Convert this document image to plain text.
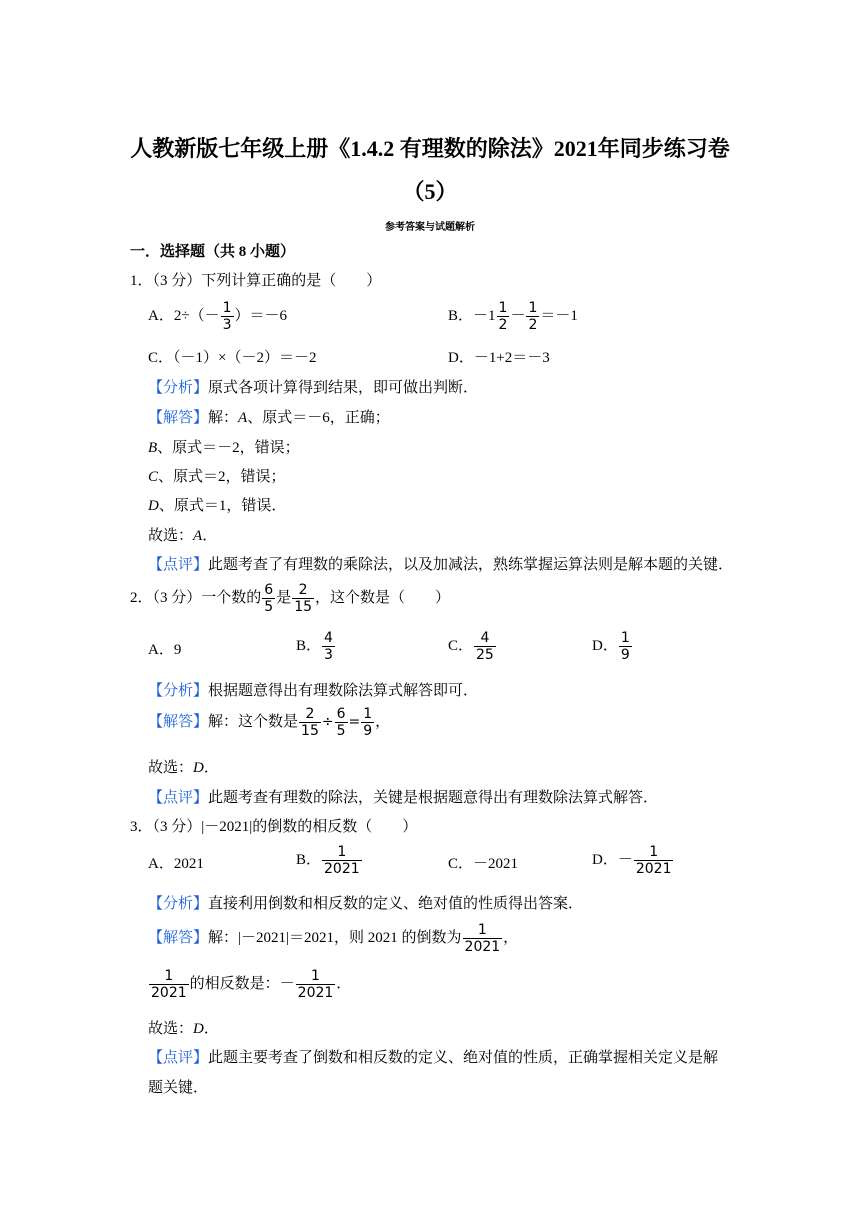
人教新版七年级上册《1.4.2 有理数的除法》2021年同步练习卷
（5）
参考答案与试题解析
一．选择题（共 8 小题）
1．（3 分）下列计算正确的是（　　）
A．$2\div(- \frac{1}{3} )=-6$	B．$-1 \frac{1}{2} - \frac{1}{2} =-1$
C．（－1）×（－2）＝－2	D．－1+2＝－3
【分析】原式各项计算得到结果，即可做出判断．
【解答】解：A、原式＝－6，正确；
B、原式＝－2，错误；
C、原式＝2，错误；
D、原式＝1，错误．
故选：A．
【点评】此题考查了有理数的乘除法，以及加减法，熟练掌握运算法则是解本题的关键．
2．（3 分）一个数的 $\frac{6}{5}$ 是 $\frac{2}{15}$ ，这个数是（　　）
A．9	B． $\frac{4}{3}$	C． $\frac{4}{25}$	D． $\frac{1}{9}$
【分析】根据题意得出有理数除法算式解答即可．
【解答】解：这个数是 $\frac{2}{15} \div \frac{6}{5} = \frac{1}{9}$ ，
故选：D．
【点评】此题考查有理数的除法，关键是根据题意得出有理数除法算式解答．
3．（3 分）|－2021|的倒数的相反数（　　）
A．2021	B． $\frac{1}{2021}$	C．－2021	D．－ $\frac{1}{2021}$
【分析】直接利用倒数和相反数的定义、绝对值的性质得出答案．
【解答】解：|－2021|＝2021，则 2021 的倒数为 $\frac{1}{2021}$ ，
$\frac{1}{2021}$ 的相反数是：－ $\frac{1}{2021}$ ．
故选：D．
【点评】此题主要考查了倒数和相反数的定义、绝对值的性质，正确掌握相关定义是解
题关键．
